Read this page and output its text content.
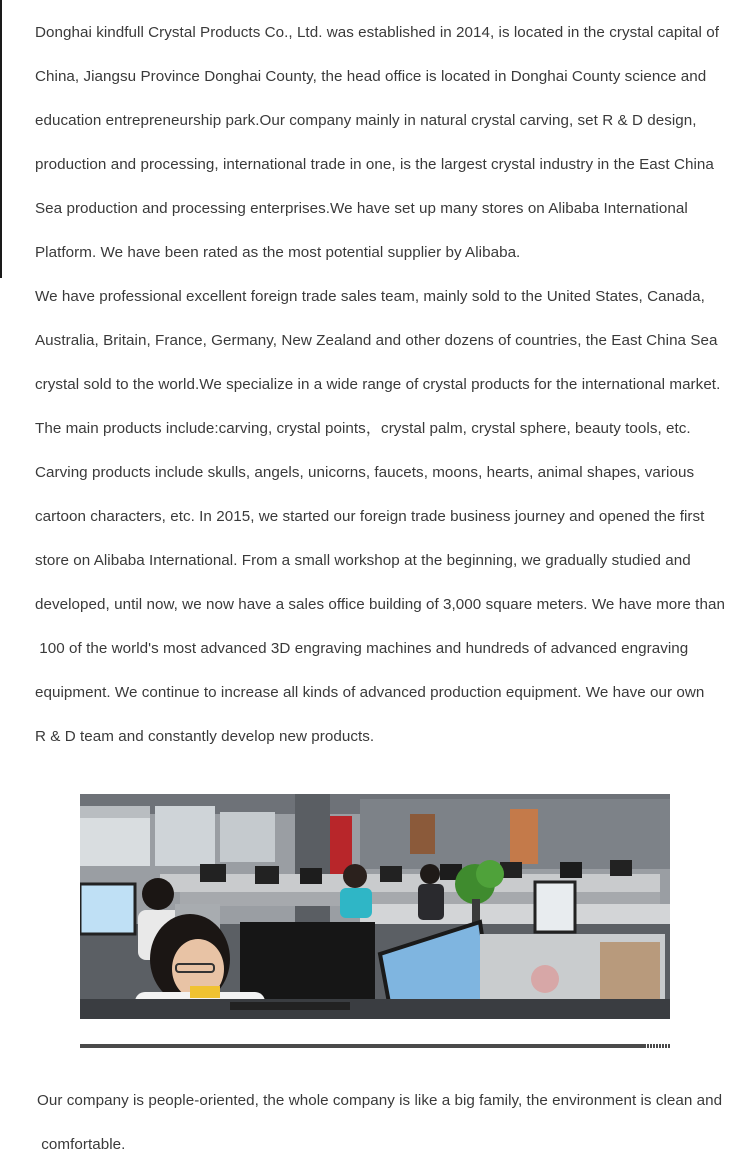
Donghai kindfull Crystal Products Co., Ltd. was established in 2014, is located in the crystal capital of

China, Jiangsu Province Donghai County, the head office is located in Donghai County science and

education entrepreneurship park.Our company mainly in natural crystal carving, set R & D design,

production and processing, international trade in one, is the largest crystal industry in the East China

Sea production and processing enterprises.We have set up many stores on Alibaba International

Platform. We have been rated as the most potential supplier by Alibaba.

We have professional excellent foreign trade sales team, mainly sold to the United States, Canada,

Australia, Britain, France, Germany, New Zealand and other dozens of countries, the East China Sea

crystal sold to the world.We specialize in a wide range of crystal products for the international market.

The main products include:carving, crystal points，crystal palm, crystal sphere, beauty tools, etc.

Carving products include skulls, angels, unicorns, faucets, moons, hearts, animal shapes, various

cartoon characters, etc. In 2015, we started our foreign trade business journey and opened the first

store on Alibaba International. From a small workshop at the beginning, we gradually studied and

developed, until now, we now have a sales office building of 3,000 square meters. We have more than

100 of the world's most advanced 3D engraving machines and hundreds of advanced engraving

equipment. We continue to increase all kinds of advanced production equipment. We have our own

R & D team and constantly develop new products.

Our company is people-oriented, the whole company is like a big family, the environment is clean and

comfortable.
